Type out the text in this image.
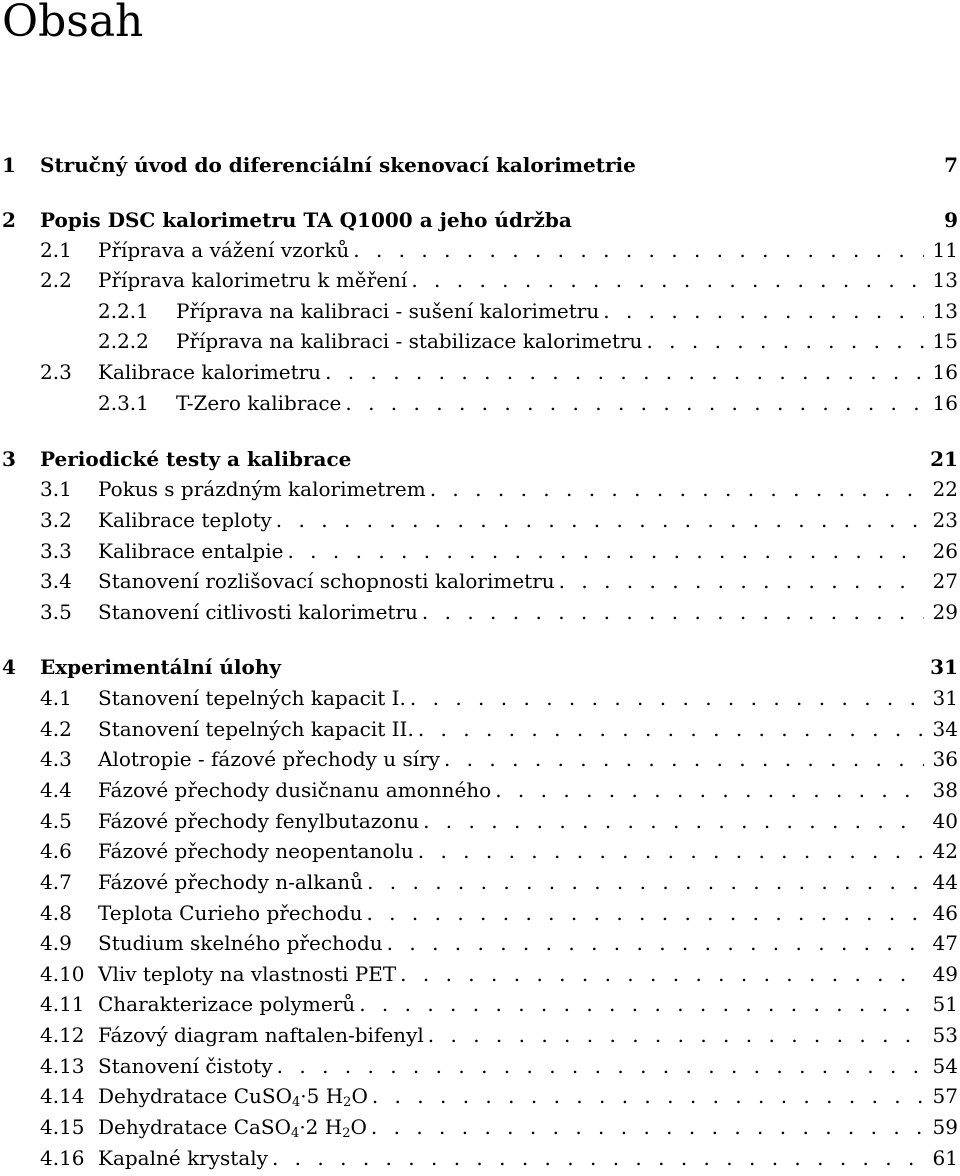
Obsah
1	Stručný úvod do diferenciální skenovací kalorimetrie	7
2	Popis DSC kalorimetru TA Q1000 a jeho údržba	9
2.1	Příprava a vážení vzorků . . .	11
2.2	Příprava kalorimetru k měření . . .	13
2.2.1	Příprava na kalibraci - sušení kalorimetru . . .	13
2.2.2	Příprava na kalibraci - stabilizace kalorimetru . . .	15
2.3	Kalibrace kalorimetru . . .	16
2.3.1	T-Zero kalibrace . . .	16
3	Periodické testy a kalibrace	21
3.1	Pokus s prázdným kalorimetrem . . .	22
3.2	Kalibrace teploty . . .	23
3.3	Kalibrace entalpie . . .	26
3.4	Stanovení rozlišovací schopnosti kalorimetru . . .	27
3.5	Stanovení citlivosti kalorimetru . . .	29
4	Experimentální úlohy	31
4.1	Stanovení tepelných kapacit I. . . .	31
4.2	Stanovení tepelných kapacit II. . . .	34
4.3	Alotropie - fázové přechody u síry . . .	36
4.4	Fázové přechody dusičnanu amonného . . .	38
4.5	Fázové přechody fenylbutazonu . . .	40
4.6	Fázové přechody neopentanolu . . .	42
4.7	Fázové přechody n-alkanů . . .	44
4.8	Teplota Curieho přechodu . . .	46
4.9	Studium skelného přechodu . . .	47
4.10 Vliv teploty na vlastnosti PET . . .	49
4.11 Charakterizace polymerů . . .	51
4.12 Fázový diagram naftalen-bifenyl . . .	53
4.13 Stanovení čistoty . . .	54
4.14 Dehydratace CuSO$_4$·5 $H_2O$ . . .	57
4.15 Dehydratace CaSO$_4$·2 $H_2O$ . . .	59
4.16 Kapalné krystaly . . .	61
